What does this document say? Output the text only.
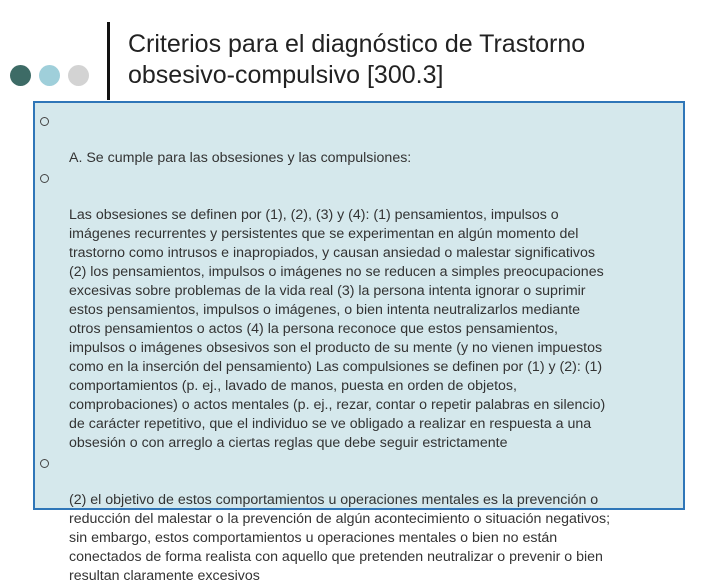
Criterios para el diagnóstico de Trastorno
obsesivo-compulsivo [300.3]

A. Se cumple para las obsesiones y las compulsiones:

Las obsesiones se definen por (1), (2), (3) y (4): (1) pensamientos, impulsos o
imágenes recurrentes y persistentes que se experimentan en algún momento del
trastorno como intrusos e inapropiados, y causan ansiedad o malestar significativos
(2) los pensamientos, impulsos o imágenes no se reducen a simples preocupaciones
excesivas sobre problemas de la vida real (3) la persona intenta ignorar o suprimir
estos pensamientos, impulsos o imágenes, o bien intenta neutralizarlos mediante
otros pensamientos o actos (4) la persona reconoce que estos pensamientos,
impulsos o imágenes obsesivos son el producto de su mente (y no vienen impuestos
como en la inserción del pensamiento) Las compulsiones se definen por (1) y (2): (1)
comportamientos (p. ej., lavado de manos, puesta en orden de objetos,
comprobaciones) o actos mentales (p. ej., rezar, contar o repetir palabras en silencio)
de carácter repetitivo, que el individuo se ve obligado a realizar en respuesta a una
obsesión o con arreglo a ciertas reglas que debe seguir estrictamente

(2) el objetivo de estos comportamientos u operaciones mentales es la prevención o
reducción del malestar o la prevención de algún acontecimiento o situación negativos;
sin embargo, estos comportamientos u operaciones mentales o bien no están
conectados de forma realista con aquello que pretenden neutralizar o prevenir o bien
resultan claramente excesivos
